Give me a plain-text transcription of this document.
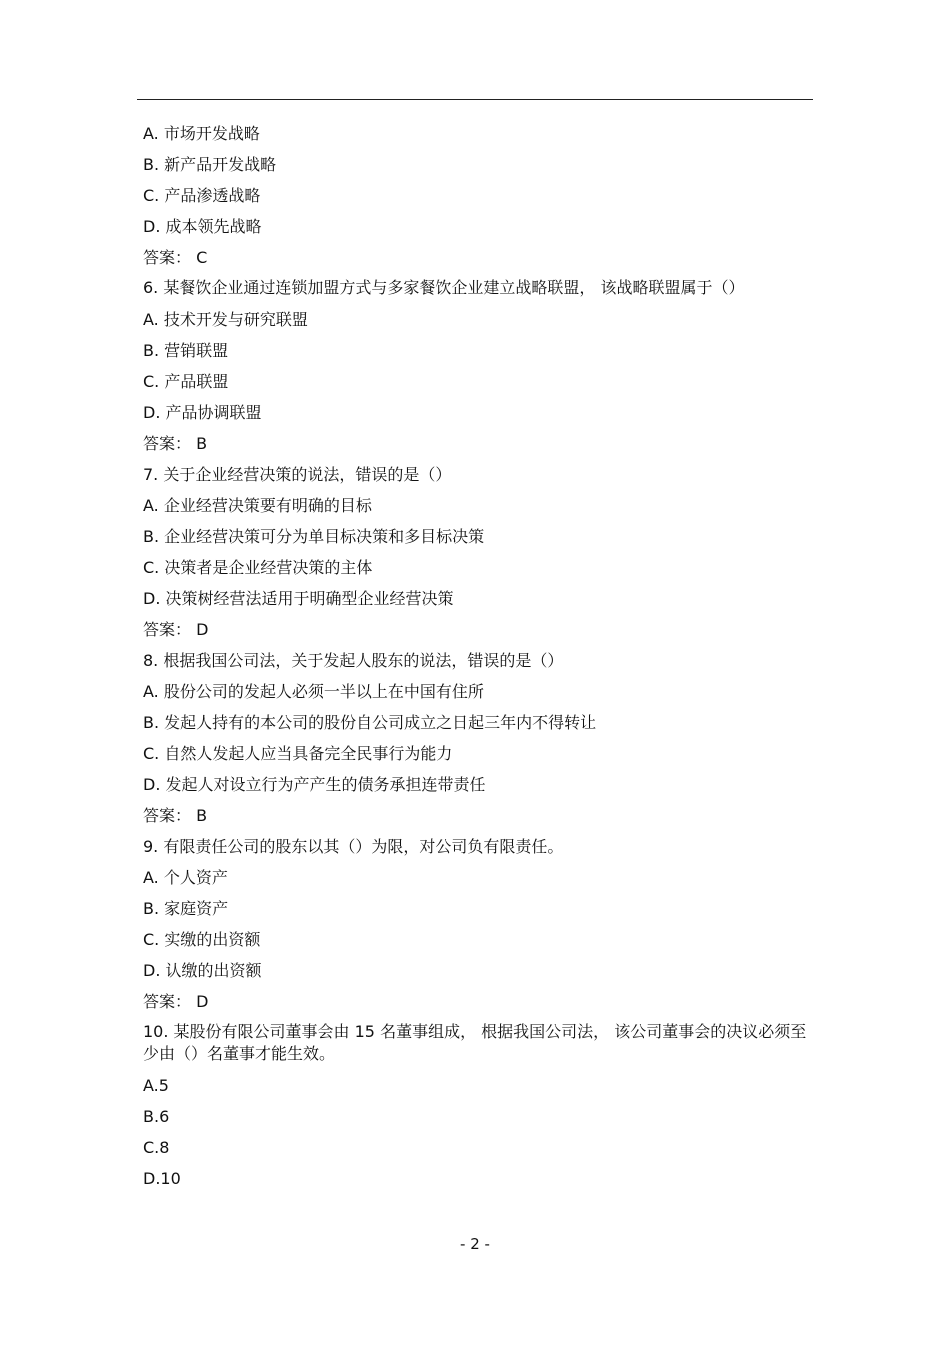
A. 市场开发战略
B. 新产品开发战略
C. 产品渗透战略
D. 成本领先战略
答案： C
6. 某餐饮企业通过连锁加盟方式与多家餐饮企业建立战略联盟， 该战略联盟属于（）
A. 技术开发与研究联盟
B. 营销联盟
C. 产品联盟
D. 产品协调联盟
答案： B
7. 关于企业经营决策的说法，错误的是（）
A. 企业经营决策要有明确的目标
B. 企业经营决策可分为单目标决策和多目标决策
C. 决策者是企业经营决策的主体
D. 决策树经营法适用于明确型企业经营决策
答案： D
8. 根据我国公司法，关于发起人股东的说法，错误的是（）
A. 股份公司的发起人必须一半以上在中国有住所
B. 发起人持有的本公司的股份自公司成立之日起三年内不得转让
C. 自然人发起人应当具备完全民事行为能力
D. 发起人对设立行为产产生的债务承担连带责任
答案： B
9. 有限责任公司的股东以其（）为限，对公司负有限责任。
A. 个人资产
B. 家庭资产
C. 实缴的出资额
D. 认缴的出资额
答案： D
10. 某股份有限公司董事会由 15 名董事组成， 根据我国公司法， 该公司董事会的决议必须至少由（）名董事才能生效。
A.5
B.6
C.8
D.10
- 2 -
